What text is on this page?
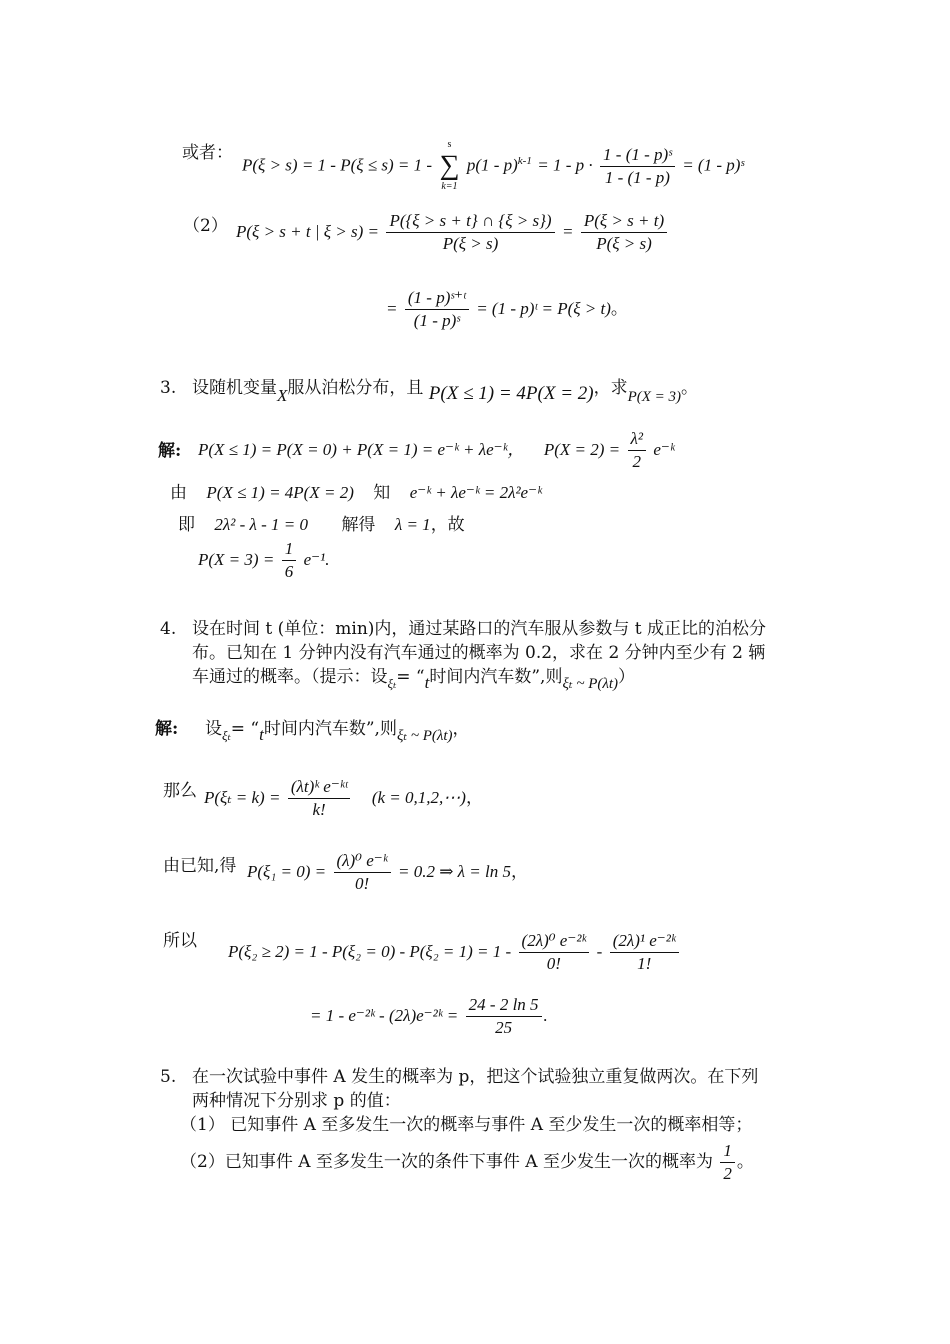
或者：
P(ξ > s) = 1 - P(ξ ≤ s) = 1 -
s
∑
k=1
$p(1 - p)^{k-1} = 1 - p \cdot \frac{\text{1 - (1 - p)ˢ}}{1 - (1 - p)} = (1$ - p)ˢ
（2） P(ξ > s + t | $\xi > s) = \frac{P(\{\xi > s + t\} \cap \{\xi > s\})}{P(\xi > s)} = \frac{P(\xi > s + t)}{P(\xi > s)}$
= $\frac{\text{(1 - p)ˢ⁺ᵗ}}{\text{(1 - p)ˢ}} = (1$ - p)ᵗ = P(ξ > t)。
3. 设随机变量X服从泊松分布，且 P(X ≤ 1) = 4P(X = 2)，求P(X = 3)。
解: P(X ≤ 1) = P(X = 0) + P(X = 1) = e⁻ᵏ + λe⁻ᵏ， $P(X = 2) = \frac{\text{λ²}}{2}$ e⁻ᵏ
由 P(X ≤ 1) = 4P(X = 2) 知 e⁻ᵏ + λe⁻ᵏ = 2λ²e⁻ᵏ
即 2λ² - λ - 1 = 0 解得 λ = 1，故
$P(X = 3) = \frac{1}{6} e^{-1}$.
4. 设在时间 t (单位：min)内，通过某路口的汽车服从参数与 t 成正比的泊松分
布。已知在 1 分钟内没有汽车通过的概率为 0.2，求在 2 分钟内至少有 2 辆
车通过的概率。（提示：设$_{\xi_t}$= “t时间内汽车数”,则ξₜ ~ P(λt)）
解: 设$_{\xi_t}$= “t时间内汽车数”,则ξₜ ~ P(λt)，
那么 $P(\xi_t = k) = \frac{\text{(λt)ᵏ e⁻ᵏᵗ}}{k!} (k$ = 0,1,2,⋯)，
由已知,得 $P(\xi_1 = 0) = \frac{\text{(λ)⁰ e⁻ᵏ}}{0!} = 0.2$ ⇒ λ = ln 5，
所以
$P(\xi_2 \ge 2) = 1 - P(\xi_2 = 0) - P(\xi_2 = 1) = 1 - \frac{\text{(2λ)⁰ e⁻²ᵏ}}{0!} - \frac{\text{(2λ)¹ e⁻²ᵏ}}{1!}$
= 1 - e⁻²ᵏ - (2λ)e⁻²ᵏ = $\frac{24 - 2 \ln 5}{25}$ .
5. 在一次试验中事件 A 发生的概率为 p，把这个试验独立重复做两次。在下列
两种情况下分别求 p 的值：
（1） 已知事件 A 至多发生一次的概率与事件 A 至少发生一次的概率相等；
（2）已知事件 A 至多发生一次的条件下事件 A 至少发生一次的概率为 $\frac{1}{2}$ 。
